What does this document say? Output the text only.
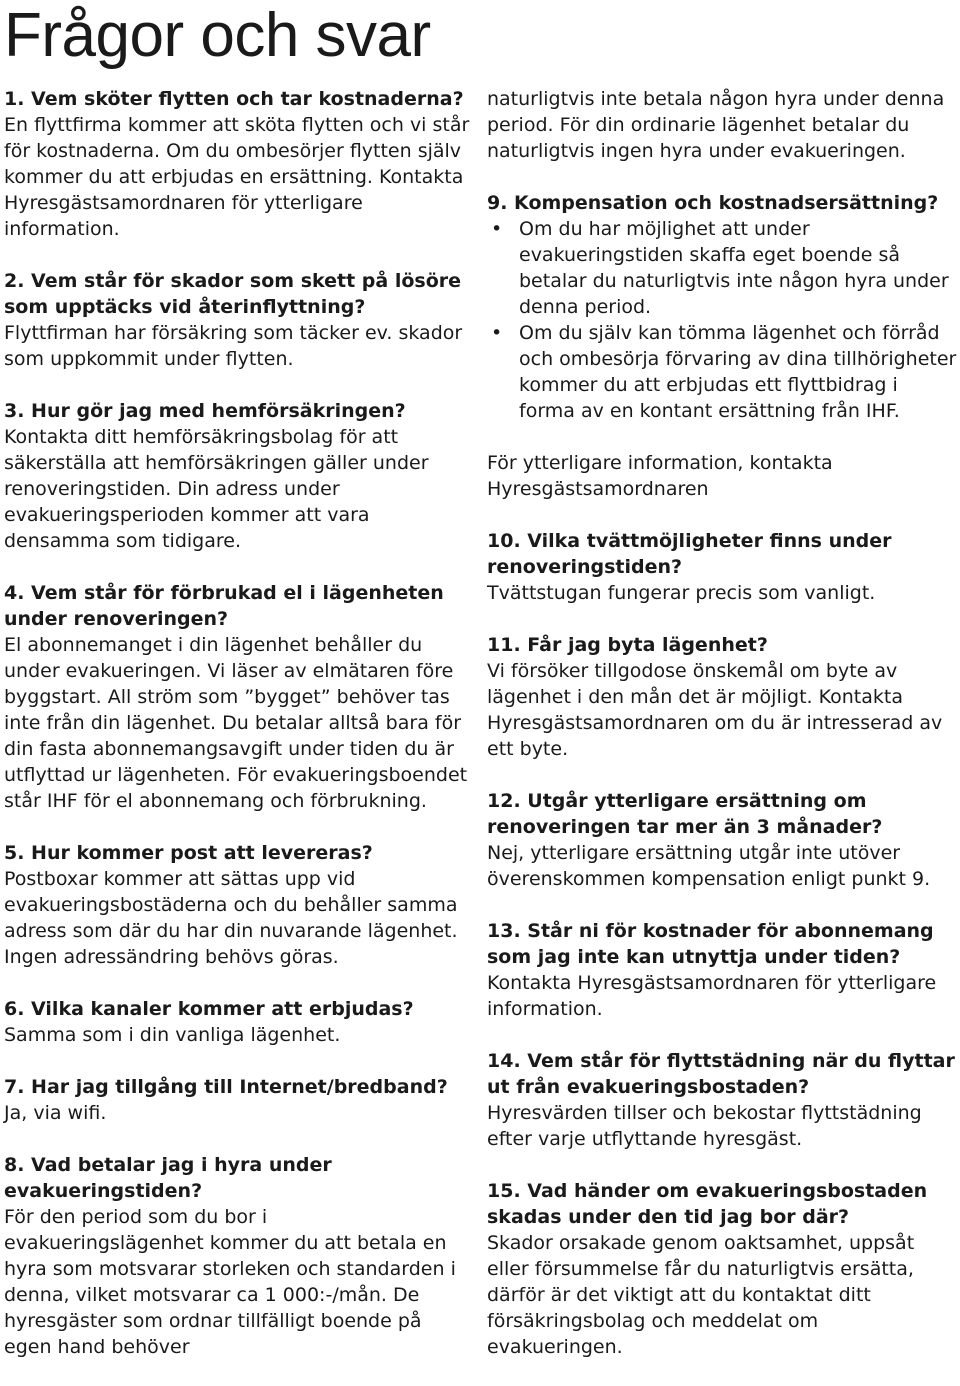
Frågor och svar
1. Vem sköter flytten och tar kostnaderna?
En flyttfirma kommer att sköta flytten och vi står för kostnaderna. Om du ombesörjer flytten själv kommer du att erbjudas en ersättning. Kontakta Hyresgästsamordnaren för ytterligare information.
2. Vem står för skador som skett på lösöre som upptäcks vid återinflyttning?
Flyttfirman har försäkring som täcker ev. skador som uppkommit under flytten.
3. Hur gör jag med hemförsäkringen?
Kontakta ditt hemförsäkringsbolag för att säkerställa att hemförsäkringen gäller under renoveringstiden. Din adress under evakueringsperioden kommer att vara densamma som tidigare.
4. Vem står för förbrukad el i lägenheten under renoveringen?
El abonnemanget i din lägenhet behåller du under evakueringen. Vi läser av elmätaren före byggstart. All ström som ”bygget” behöver tas inte från din lägenhet. Du betalar alltså bara för din fasta abonnemangsavgift under tiden du är utflyttad ur lägenheten. För evakueringsboendet står IHF för el abonnemang och förbrukning.
5. Hur kommer post att levereras?
Postboxar kommer att sättas upp vid evakueringsbostäderna och du behåller samma adress som där du har din nuvarande lägenhet. Ingen adressändring behövs göras.
6. Vilka kanaler kommer att erbjudas?
Samma som i din vanliga lägenhet.
7. Har jag tillgång till Internet/bredband?
Ja, via wifi.
8. Vad betalar jag i hyra under evakueringstiden?
För den period som du bor i evakueringslägenhet kommer du att betala en hyra som motsvarar storleken och standarden i denna, vilket motsvarar ca 1 000:-/mån. De hyresgäster som ordnar tillfälligt boende på egen hand behöver
naturligtvis inte betala någon hyra under denna period. För din ordinarie lägenhet betalar du naturligtvis ingen hyra under evakueringen.
9. Kompensation och kostnadsersättning?
• Om du har möjlighet att under evakueringstiden skaffa eget boende så betalar du naturligtvis inte någon hyra under denna period.
• Om du själv kan tömma lägenhet och förråd och ombesörja förvaring av dina tillhörigheter kommer du att erbjudas ett flyttbidrag i forma av en kontant ersättning från IHF.
För ytterligare information, kontakta Hyresgästsamordnaren
10. Vilka tvättmöjligheter finns under renoveringstiden?
Tvättstugan fungerar precis som vanligt.
11. Får jag byta lägenhet?
Vi försöker tillgodose önskemål om byte av lägenhet i den mån det är möjligt. Kontakta Hyresgästsamordnaren om du är intresserad av ett byte.
12. Utgår ytterligare ersättning om renoveringen tar mer än 3 månader?
Nej, ytterligare ersättning utgår inte utöver överenskommen kompensation enligt punkt 9.
13. Står ni för kostnader för abonnemang som jag inte kan utnyttja under tiden?
Kontakta Hyresgästsamordnaren för ytterligare information.
14. Vem står för flyttstädning när du flyttar ut från evakueringsbostaden?
Hyresvärden tillser och bekostar flyttstädning efter varje utflyttande hyresgäst.
15. Vad händer om evakueringsbostaden skadas under den tid jag bor där?
Skador orsakade genom oaktsamhet, uppsåt eller försummelse får du naturligtvis ersätta, därför är det viktigt att du kontaktat ditt försäkringsbolag och meddelat om evakueringen.
